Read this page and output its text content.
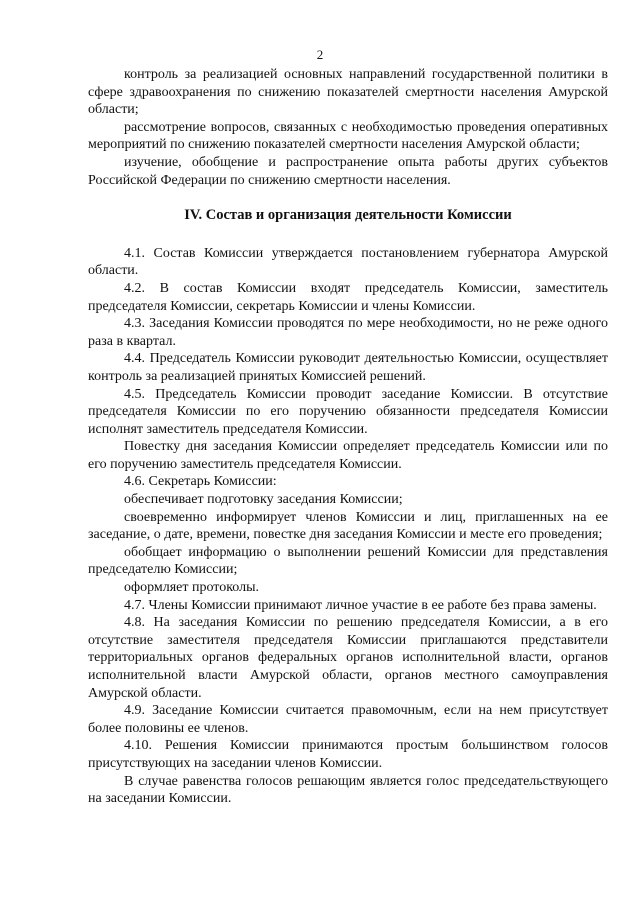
2

контроль за реализацией основных направлений государственной политики в сфере здравоохранения по снижению показателей смертности населения Амурской области;

рассмотрение вопросов, связанных с необходимостью проведения оперативных мероприятий по снижению показателей смертности населения Амурской области;

изучение, обобщение и распространение опыта работы других субъектов Российской Федерации по снижению смертности населения.

IV. Состав и организация деятельности Комиссии

4.1. Состав Комиссии утверждается постановлением губернатора Амурской области.

4.2. В состав Комиссии входят председатель Комиссии, заместитель председателя Комиссии, секретарь Комиссии и члены Комиссии.

4.3. Заседания Комиссии проводятся по мере необходимости, но не реже одного раза в квартал.

4.4. Председатель Комиссии руководит деятельностью Комиссии, осуществляет контроль за реализацией принятых Комиссией решений.

4.5. Председатель Комиссии проводит заседание Комиссии. В отсутствие председателя Комиссии по его поручению обязанности председателя Комиссии исполнят заместитель председателя Комиссии.

Повестку дня заседания Комиссии определяет председатель Комиссии или по его поручению заместитель председателя Комиссии.

4.6. Секретарь Комиссии:

обеспечивает подготовку заседания Комиссии;

своевременно информирует членов Комиссии и лиц, приглашенных на ее заседание, о дате, времени, повестке дня заседания Комиссии и месте его проведения;

обобщает информацию о выполнении решений Комиссии для представления председателю Комиссии;

оформляет протоколы.

4.7. Члены Комиссии принимают личное участие в ее работе без права замены.

4.8. На заседания Комиссии по решению председателя Комиссии, а в его отсутствие заместителя председателя Комиссии приглашаются представители территориальных органов федеральных органов исполнительной власти, органов исполнительной власти Амурской области, органов местного самоуправления Амурской области.

4.9. Заседание Комиссии считается правомочным, если на нем присутствует более половины ее членов.

4.10. Решения Комиссии принимаются простым большинством голосов присутствующих на заседании членов Комиссии.

В случае равенства голосов решающим является голос председательствующего на заседании Комиссии.
